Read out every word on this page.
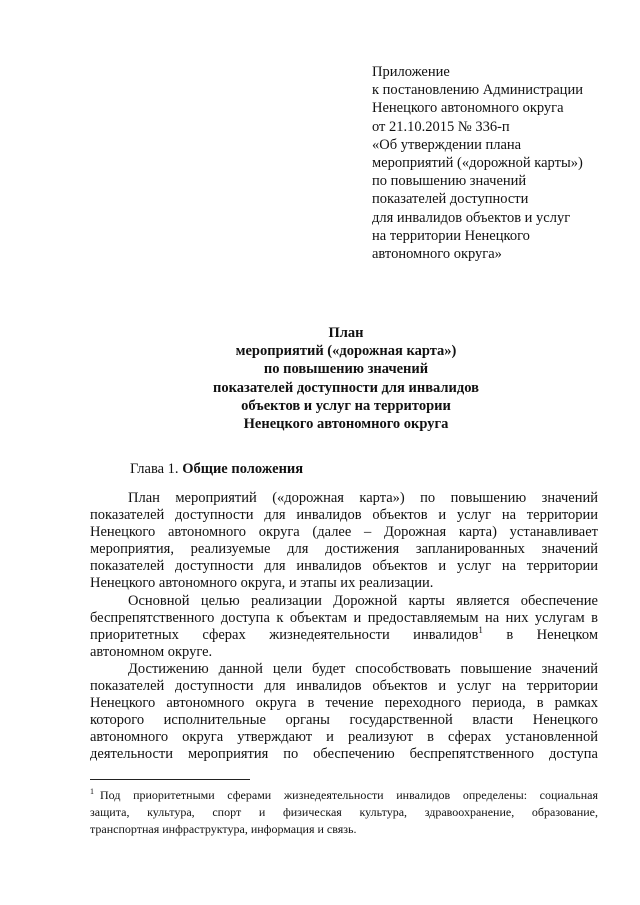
Приложение
к постановлению Администрации
Ненецкого автономного округа
от 21.10.2015 № 336-п
«Об утверждении плана
мероприятий («дорожной карты»)
по повышению значений
показателей доступности
для инвалидов объектов и услуг
на территории Ненецкого
автономного округа»
План
мероприятий («дорожная карта»)
по повышению значений
показателей доступности для инвалидов
объектов и услуг на территории
Ненецкого автономного округа
Глава 1. Общие положения
План мероприятий («дорожная карта») по повышению значений
показателей доступности для инвалидов объектов и услуг на территории
Ненецкого автономного округа (далее – Дорожная карта) устанавливает
мероприятия, реализуемые для достижения запланированных значений
показателей доступности для инвалидов объектов и услуг на территории
Ненецкого автономного округа, и этапы их реализации.
Основной целью реализации Дорожной карты является обеспечение
беспрепятственного доступа к объектам и предоставляемым на них услугам в
приоритетных сферах жизнедеятельности инвалидов$^1$ в Ненецком
автономном округе.
Достижению данной цели будет способствовать повышение значений
показателей доступности для инвалидов объектов и услуг на территории
Ненецкого автономного округа в течение переходного периода, в рамках
которого исполнительные органы государственной власти Ненецкого
автономного округа утверждают и реализуют в сферах установленной
деятельности мероприятия по обеспечению беспрепятственного доступа
$^1$ Под приоритетными сферами жизнедеятельности инвалидов определены: социальная
защита, культура, спорт и физическая культура, здравоохранение, образование,
транспортная инфраструктура, информация и связь.
